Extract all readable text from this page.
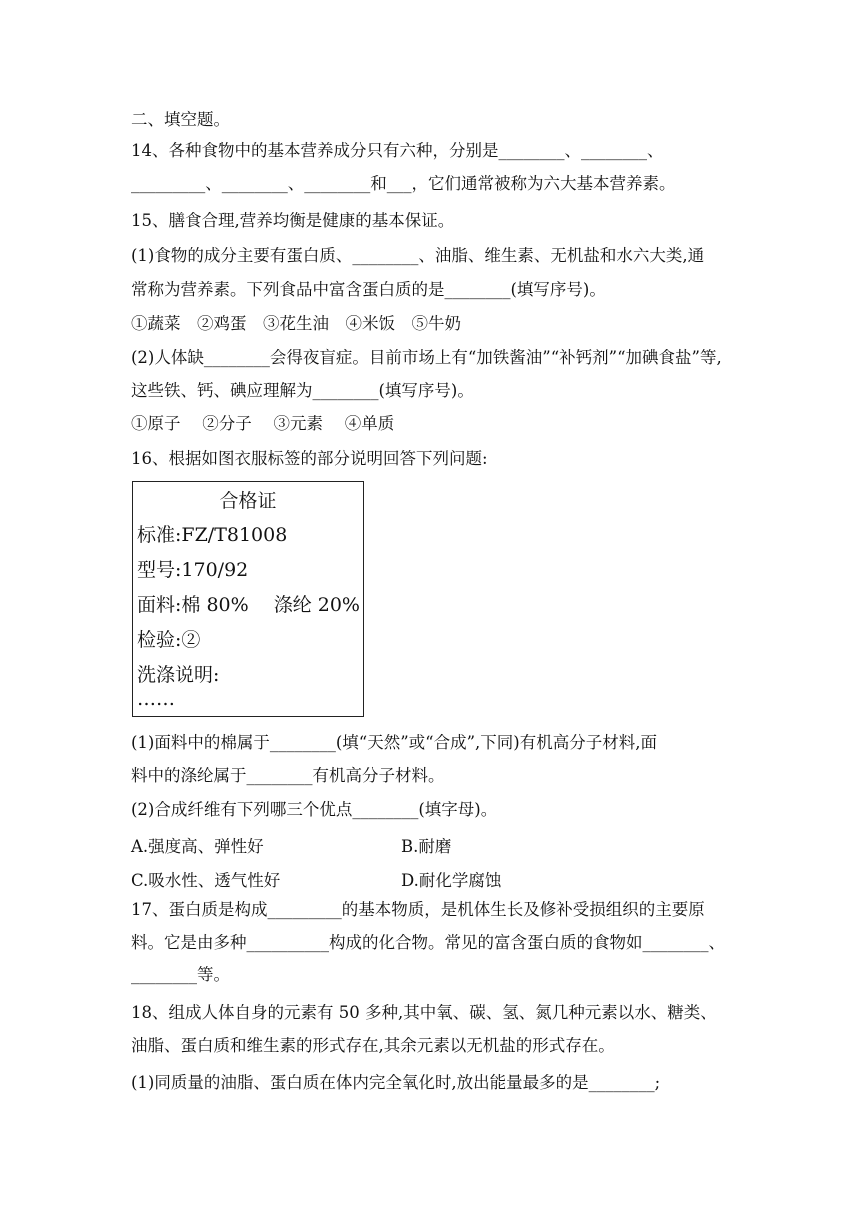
二、填空题。
14、各种食物中的基本营养成分只有六种，分别是________、________、
_________、________、________和___，它们通常被称为六大基本营养素。
15、膳食合理,营养均衡是健康的基本保证。
(1)食物的成分主要有蛋白质、________、油脂、维生素、无机盐和水六大类,通
常称为营养素。下列食品中富含蛋白质的是________(填写序号)。
①蔬菜　②鸡蛋　③花生油　④米饭　⑤牛奶
(2)人体缺________会得夜盲症。目前市场上有“加铁酱油”“补钙剂”“加碘食盐”等,
这些铁、钙、碘应理解为________(填写序号)。
①原子　 ②分子　 ③元素　 ④单质
16、根据如图衣服标签的部分说明回答下列问题:
合格证
标准:FZ/T81008
型号:170/92
面料:棉 80%　 涤纶 20%
检验:②
洗涤说明:
……
(1)面料中的棉属于________(填“天然”或“合成”,下同)有机高分子材料,面
料中的涤纶属于________有机高分子材料。
(2)合成纤维有下列哪三个优点________(填字母)。
A.强度高、弹性好	B.耐磨
C.吸水性、透气性好	D.耐化学腐蚀
17、蛋白质是构成_________的基本物质，是机体生长及修补受损组织的主要原
料。它是由多种__________构成的化合物。常见的富含蛋白质的食物如________、
________等。
18、组成人体自身的元素有 50 多种,其中氧、碳、氢、氮几种元素以水、糖类、
油脂、蛋白质和维生素的形式存在,其余元素以无机盐的形式存在。
(1)同质量的油脂、蛋白质在体内完全氧化时,放出能量最多的是________;
